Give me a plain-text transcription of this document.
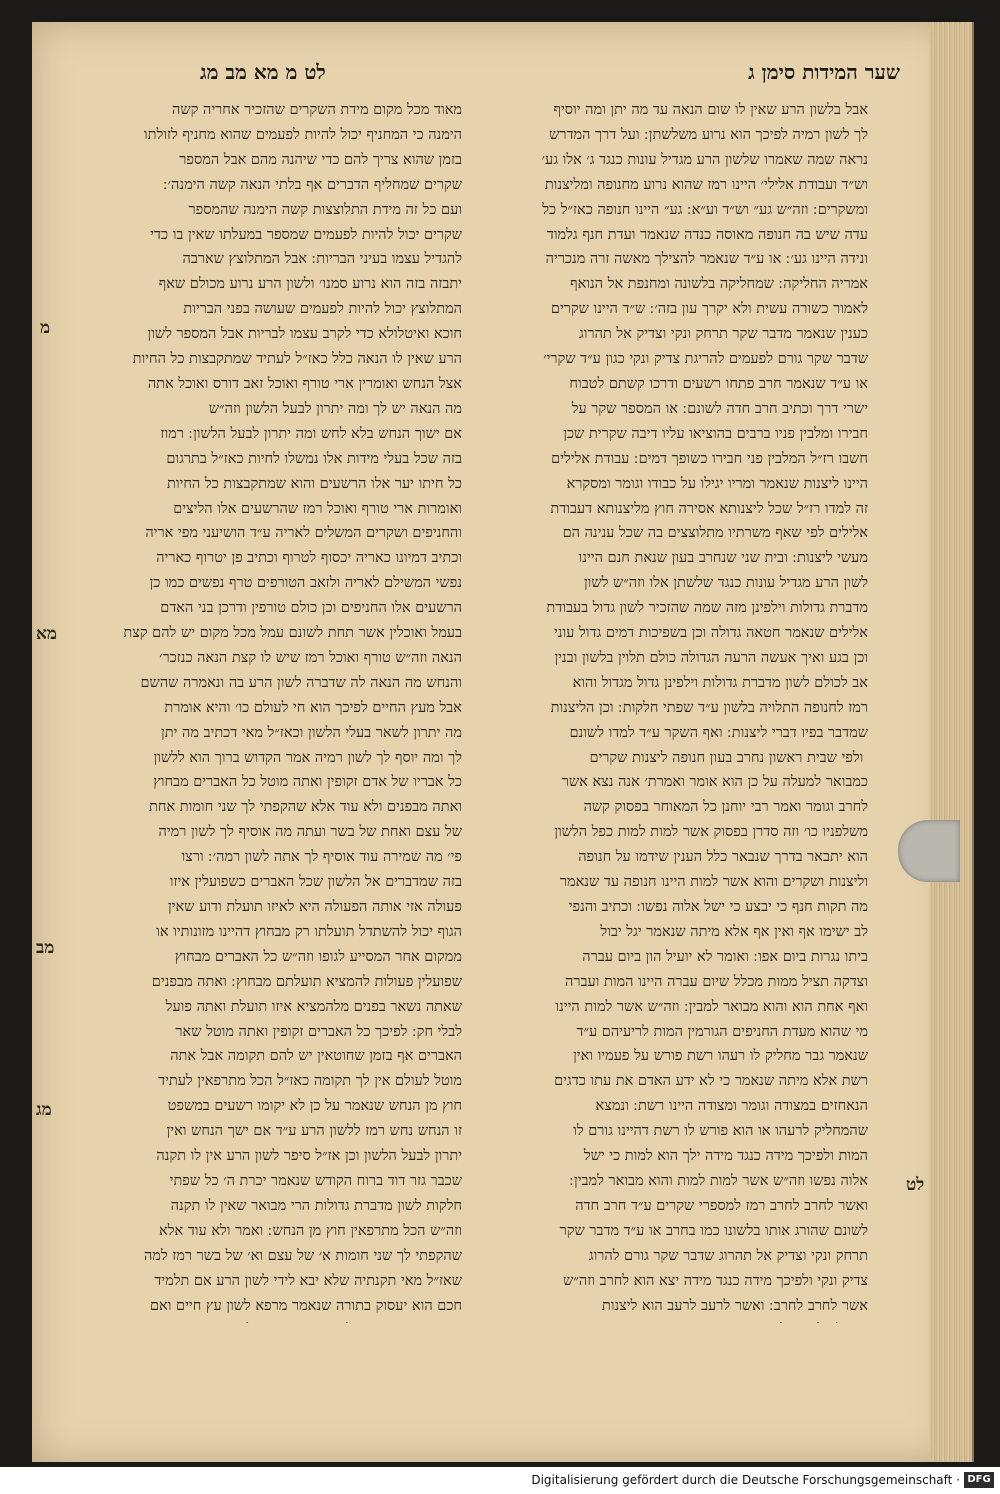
שער המידות סימן ג
לט מ מא מב מג
אבל בלשון הרע שאין לו שום הנאה עד מה יתן ומה יוסיף
לך לשון רמיה לפיכך הוא נרוע משלשתן ׃ ועל דרך המדרש
נראה שמה שאמרו שלשון הרע מגדיל עונות כנגד ג׳ אלו גע׳
וש״ד ועבודת אלילי׳ היינו רמז שהוא נרוע מחנופה ומליצנות
ומשקרים ׃ וזה״ש גע״ וש״ד וע״א ׃ גע״ היינו חנופה כאז״ל כל
עדה שיש בה חנופה מאוסה כנדה שנאמר ועדת חנף גלמוד
ונידה היינו גע׳ ׃ או ע״ד שנאמר להצילך מאשה זרה מנכריה
אמריה החליקה ׃ שמחליקה בלשונה ומחנפת אל הנואף
לאמור כשורה עשית ולא יקרך עון בזה׳ ׃ ש״ד היינו שקרים
כענין שנאמר מדבר שקר תרחק ונקי וצדיק אל תהרוג
שדבר שקר גורם לפעמים להריגת צדיק ונקי כגון ע״ד שקרי׳
או ע״ד שנאמר חרב פתחו רשעים ודרכו קשתם לטבוח
ישרי דרך וכתיב חרב חדה לשונם ׃ או המספר שקר על
חבירו ומלבין פניו ברבים בהוציאו עליו דיבה שקרית שכן
חשבו רז״ל המלבין פני חבירו כשופך דמים ׃ עבודת אלילים
היינו ליצנות שנאמר ומריו יגילו על כבודו וגומר ומסקרא
זה למדו רז״ל שכל ליצנותא אסירה חוץ מליצנותא דעבודת
אלילים לפי שאף משרתיו מתלוצצים בה שכל ענינה הם
מעשי ליצנות ׃ ובית שני שנחרב בעון שנאת חנם היינו
לשון הרע מגדיל עונות כנגד שלשתן אלו וזה״ש לשון
מדברת גדולות וילפינן מזה שמה שהזכיר לשון גדול בעבודת
אלילים שנאמר חטאה גדולה וכן בשפיכות דמים גדול עוני
וכן בגע ואיך אעשה הרעה הגדולה כולם תלוין בלשון ובנין
אב לכולם לשון מדברת גדולות וילפינן גדול מגדול והוא
רמז לחנופה התלויה בלשון ע״ד שפתי חלקות ׃ וכן הליצנות
שמדבר בפיו דברי ליצנות ׃ ואף השקר ע״ד למדו לשונם
׃ ולפי שבית ראשון נחרב בעון חנופה ליצנות שקרים
כמבואר למעלה על כן הוא אומר ואמרת׳ אנה נצא אשר
לחרב וגומר ואמר רבי יוחנן כל המאוחר בפסוק קשה
משלפניו כו׳ וזה סדרן בפסוק אשר למות למות כפל הלשון
הוא יתבאר בדרך שנבאר כלל הענין שידמו על חנופה
וליצנות ושקרים והוא אשר למות היינו חנופה עד שנאמר
מה תקות חנף כי יבצע כי ישל אלוה נפשו ׃ וכתיב והנפי
לב ישימו אף ואין אף אלא מיתה שנאמר יגל יבול
ביתו נגרות ביום אפו ׃ ואומר לא יועיל הון ביום עברה
וצדקה תציל ממות מכלל שיום עברה היינו המות ועברה
ואף אחת הוא והוא מבואר למבין ׃ וזה״ש אשר למות היינו
מי שהוא מעדת החניפים הגורמין המות לריעיהם ע״ד
שנאמר גבר מחליק לו רעהו רשת פורש על פעמיו ואין
רשת אלא מיתה שנאמר כי לא ידע האדם את עתו כדגים
הנאחזים במצודה וגומר ומצודה היינו רשת ׃ ונמצא
שהמחליק לרעהו או הוא פורש לו רשת דהיינו גורם לו
המות ולפיכך מידה כנגד מידה ילך הוא למות כי ישל
אלוה נפשו וזה״ש אשר למות למות והוא מבואר למבין ׃
ואשר לחרב לחרב רמז למספרי שקרים ע״ד חרב חדה
לשונם שהורג אותו בלשונו כמו בחרב או ע״ד מדבר שקר
תרחק ונקי וצדיק אל תהרוג שדבר שקר גורם להרוג
צדיק ונקי ולפיכך מידה כנגד מידה יצא הוא לחרב וזה״ש
אשר לחרב לחרב ׃ ואשר לרעב לרעב הוא ליצנות
מאוד מכל מקום מידת השקרים שהזכיר אחריה קשה
הימנה כי המחניף יכול להיות לפעמים שהוא מחניף לזולתו
בזמן שהוא צריך להם כדי שיהנה מהם אבל המספר
שקרים שמחליף הדברים אף בלתי הנאה קשה הימנה׳ ׃
ועם כל זה מידת התלוצצות קשה הימנה שהמספר
שקרים יכול להיות לפעמים שמספר במעלתו שאין בו כדי
להגדיל עצמו בעיני הבריות ׃ אבל המתלוצץ שארבה
יתבזה בזה הוא נרוע סמנו׳ ולשון הרע נרוע מכולם שאף
המתלוצץ יכול להיות לפעמים שעושה בפני הבריות
חוכא ואיטלולא כדי לקרב עצמו לבריות אבל המספר לשון
הרע שאין לו הנאה כלל כאז״ל לעתיד שמתקבצות כל החיות
אצל הנחש ואומרין ארי טורף ואוכל זאב דורס ואוכל אתה
מה הנאה יש לך ומה יתרון לבעל הלשון וזה״ש
אם ישוך הנחש בלא לחש ומה יתרון לבעל הלשון ׃ רמוז
בזה שכל בעלי מידות אלו נמשלו לחיות כאז״ל בתרגום
כל חיתו יער אלו הרשעים והוא שמתקבצות כל החיות
ואומרות ארי טורף ואוכל רמז שהרשעים אלו הליצים
והחניפים ושקרים המשלים לאריה ע״ד הושיעני מפי אריה
וכתיב דמיונו כאריה יכסוף לטרוף וכתיב פן יטרוף כאריה
נפשי המשילם לאריה ולזאב הטורפים טרף נפשים כמו כן
הרשעים אלו החניפים וכן כולם טורפין ודרכן בני האדם
בעמל ואוכלין אשר תחת לשונם עמל מכל מקום יש להם קצת
הנאה וזה״ש טורף ואוכל רמז שיש לו קצת הנאה כנזכר׳
והנחש מה הנאה לה שדברה לשון הרע בה ונאמרה שהשם
אבל מעץ החיים לפיכך הוא חי לעולם כו׳ והיא אומרת
מה יתרון לשאר בעלי הלשון וכאז״ל מאי דכתיב מה יתן
לך ומה יוסף לך לשון רמיה אמר הקדוש ברוך הוא ללשון
כל אבריו של אדם זקופין ואתה מוטל כל האברים מבחוץ
ואתה מבפנים ולא עוד אלא שהקפתי לך שני חומות אחת
של עצם ואחת של בשר ועתה מה אוסיף לך לשון רמיה
פי׳ מה שמירה עוד אוסיף לך אתה לשון רמה׳ ׃ ורצו
בזה שמדברים אל הלשון שכל האברים כשפועלין איזו
פעולה אזי אותה הפעולה היא לאיזו תועלת ודוע שאין
הגוף יכול להשתדל תועלתו רק מבחוץ דהיינו מזונותיו או
ממקום אחר המסייע לגופו וזה״ש כל האברים מבחוץ
שפועלין פעולות להמציא תועלתם מבחוץ ׃ ואתה מבפנים
שאתה נשאר בפנים מלהמציא איזו תועלת ואתה פועל
לבלי חק ׃ לפיכך כל האברים זקופין ואתה מוטל שאר
האברים אף בזמן שחוטאין יש להם תקומה אבל אתה
מוטל לעולם אין לך תקומה כאז״ל הכל מתרפאין לעתיד
חוץ מן הנחש שנאמר על כן לא יקומו רשעים במשפט
זו הנחש נחש רמז ללשון הרע ע״ד אם ישך הנחש ואין
יתרון לבעל הלשון וכן אז״ל סיפר לשון הרע אין לו תקנה
שכבר גזר דוד ברוח הקודש שנאמר יכרת ה׳ כל שפתי
חלקות לשון מדברת גדולות הרי מבואר שאין לו תקנה
וזה״ש הכל מתרפאין חוץ מן הנחש ׃ ואמר ולא עוד אלא
שהקפתי לך שני חומות א׳ של עצם וא׳ של בשר רמז למה
שאז״ל מאי תקנתיה שלא יבא לידי לשון הרע אם תלמיד
חכם הוא יעסוק בתורה שנאמר מרפא לשון עץ חיים ואם
מ
מא
מב
מג
לט
Digitalisierung gefördert durch die Deutsche Forschungsgemeinschaft · DFG
